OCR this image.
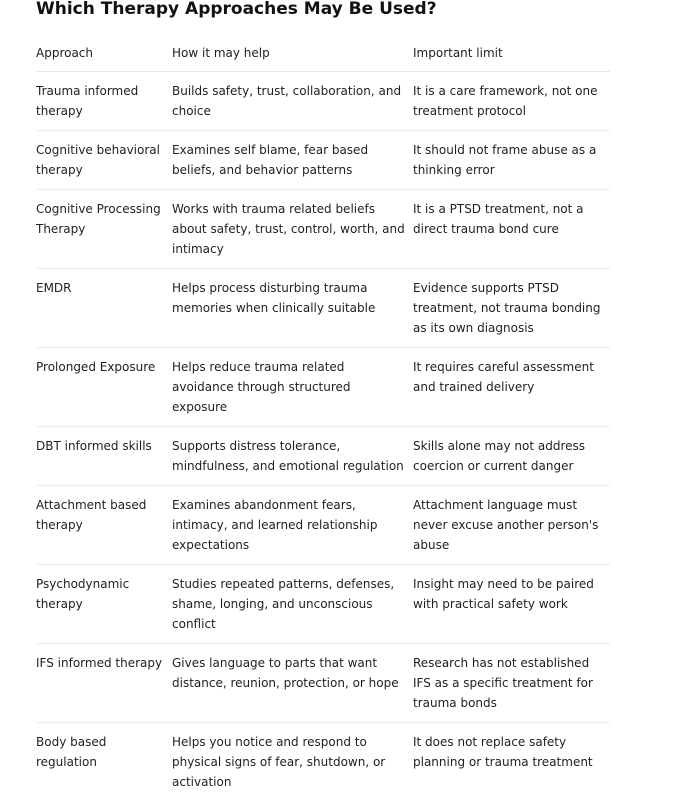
Which Therapy Approaches May Be Used?
Approach	How it may help	Important limit

Trauma informed therapy	Builds safety, trust, collaboration, and choice	It is a care framework, not one treatment protocol

Cognitive behavioral therapy	Examines self blame, fear based beliefs, and behavior patterns	It should not frame abuse as a thinking error

Cognitive Processing Therapy	Works with trauma related beliefs about safety, trust, control, worth, and intimacy	It is a PTSD treatment, not a direct trauma bond cure

EMDR	Helps process disturbing trauma memories when clinically suitable	Evidence supports PTSD treatment, not trauma bonding as its own diagnosis

Prolonged Exposure	Helps reduce trauma related avoidance through structured exposure	It requires careful assessment and trained delivery

DBT informed skills	Supports distress tolerance, mindfulness, and emotional regulation	Skills alone may not address coercion or current danger

Attachment based therapy	Examines abandonment fears, intimacy, and learned relationship expectations	Attachment language must never excuse another person's abuse

Psychodynamic therapy	Studies repeated patterns, defenses, shame, longing, and unconscious conflict	Insight may need to be paired with practical safety work

IFS informed therapy	Gives language to parts that want distance, reunion, protection, or hope	Research has not established IFS as a specific treatment for trauma bonds

Body based regulation	Helps you notice and respond to physical signs of fear, shutdown, or activation	It does not replace safety planning or trauma treatment
